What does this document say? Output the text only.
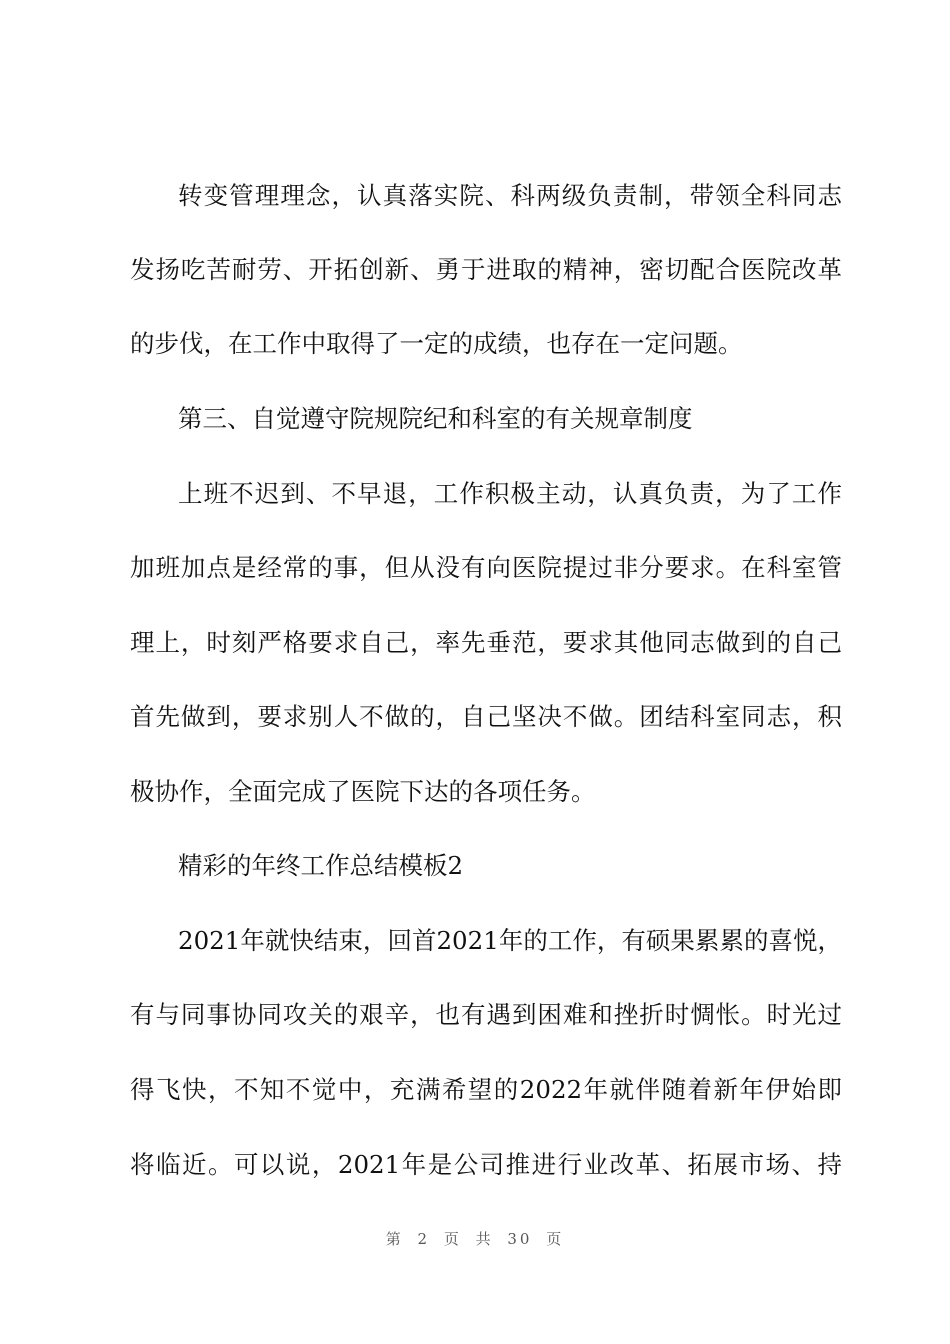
转变管理理念，认真落实院、科两级负责制，带领全科同志
发扬吃苦耐劳、开拓创新、勇于进取的精神，密切配合医院改革
的步伐，在工作中取得了一定的成绩，也存在一定问题。
第三、自觉遵守院规院纪和科室的有关规章制度
上班不迟到、不早退，工作积极主动，认真负责，为了工作
加班加点是经常的事，但从没有向医院提过非分要求。在科室管
理上，时刻严格要求自己，率先垂范，要求其他同志做到的自己
首先做到，要求别人不做的，自己坚决不做。团结科室同志，积
极协作，全面完成了医院下达的各项任务。
精彩的年终工作总结模板2
2021年就快结束，回首2021年的工作，有硕果累累的喜悦，
有与同事协同攻关的艰辛，也有遇到困难和挫折时惆怅。时光过
得飞快，不知不觉中，充满希望的2022年就伴随着新年伊始即
将临近。可以说，2021年是公司推进行业改革、拓展市场、持
第 2 页 共 30 页
